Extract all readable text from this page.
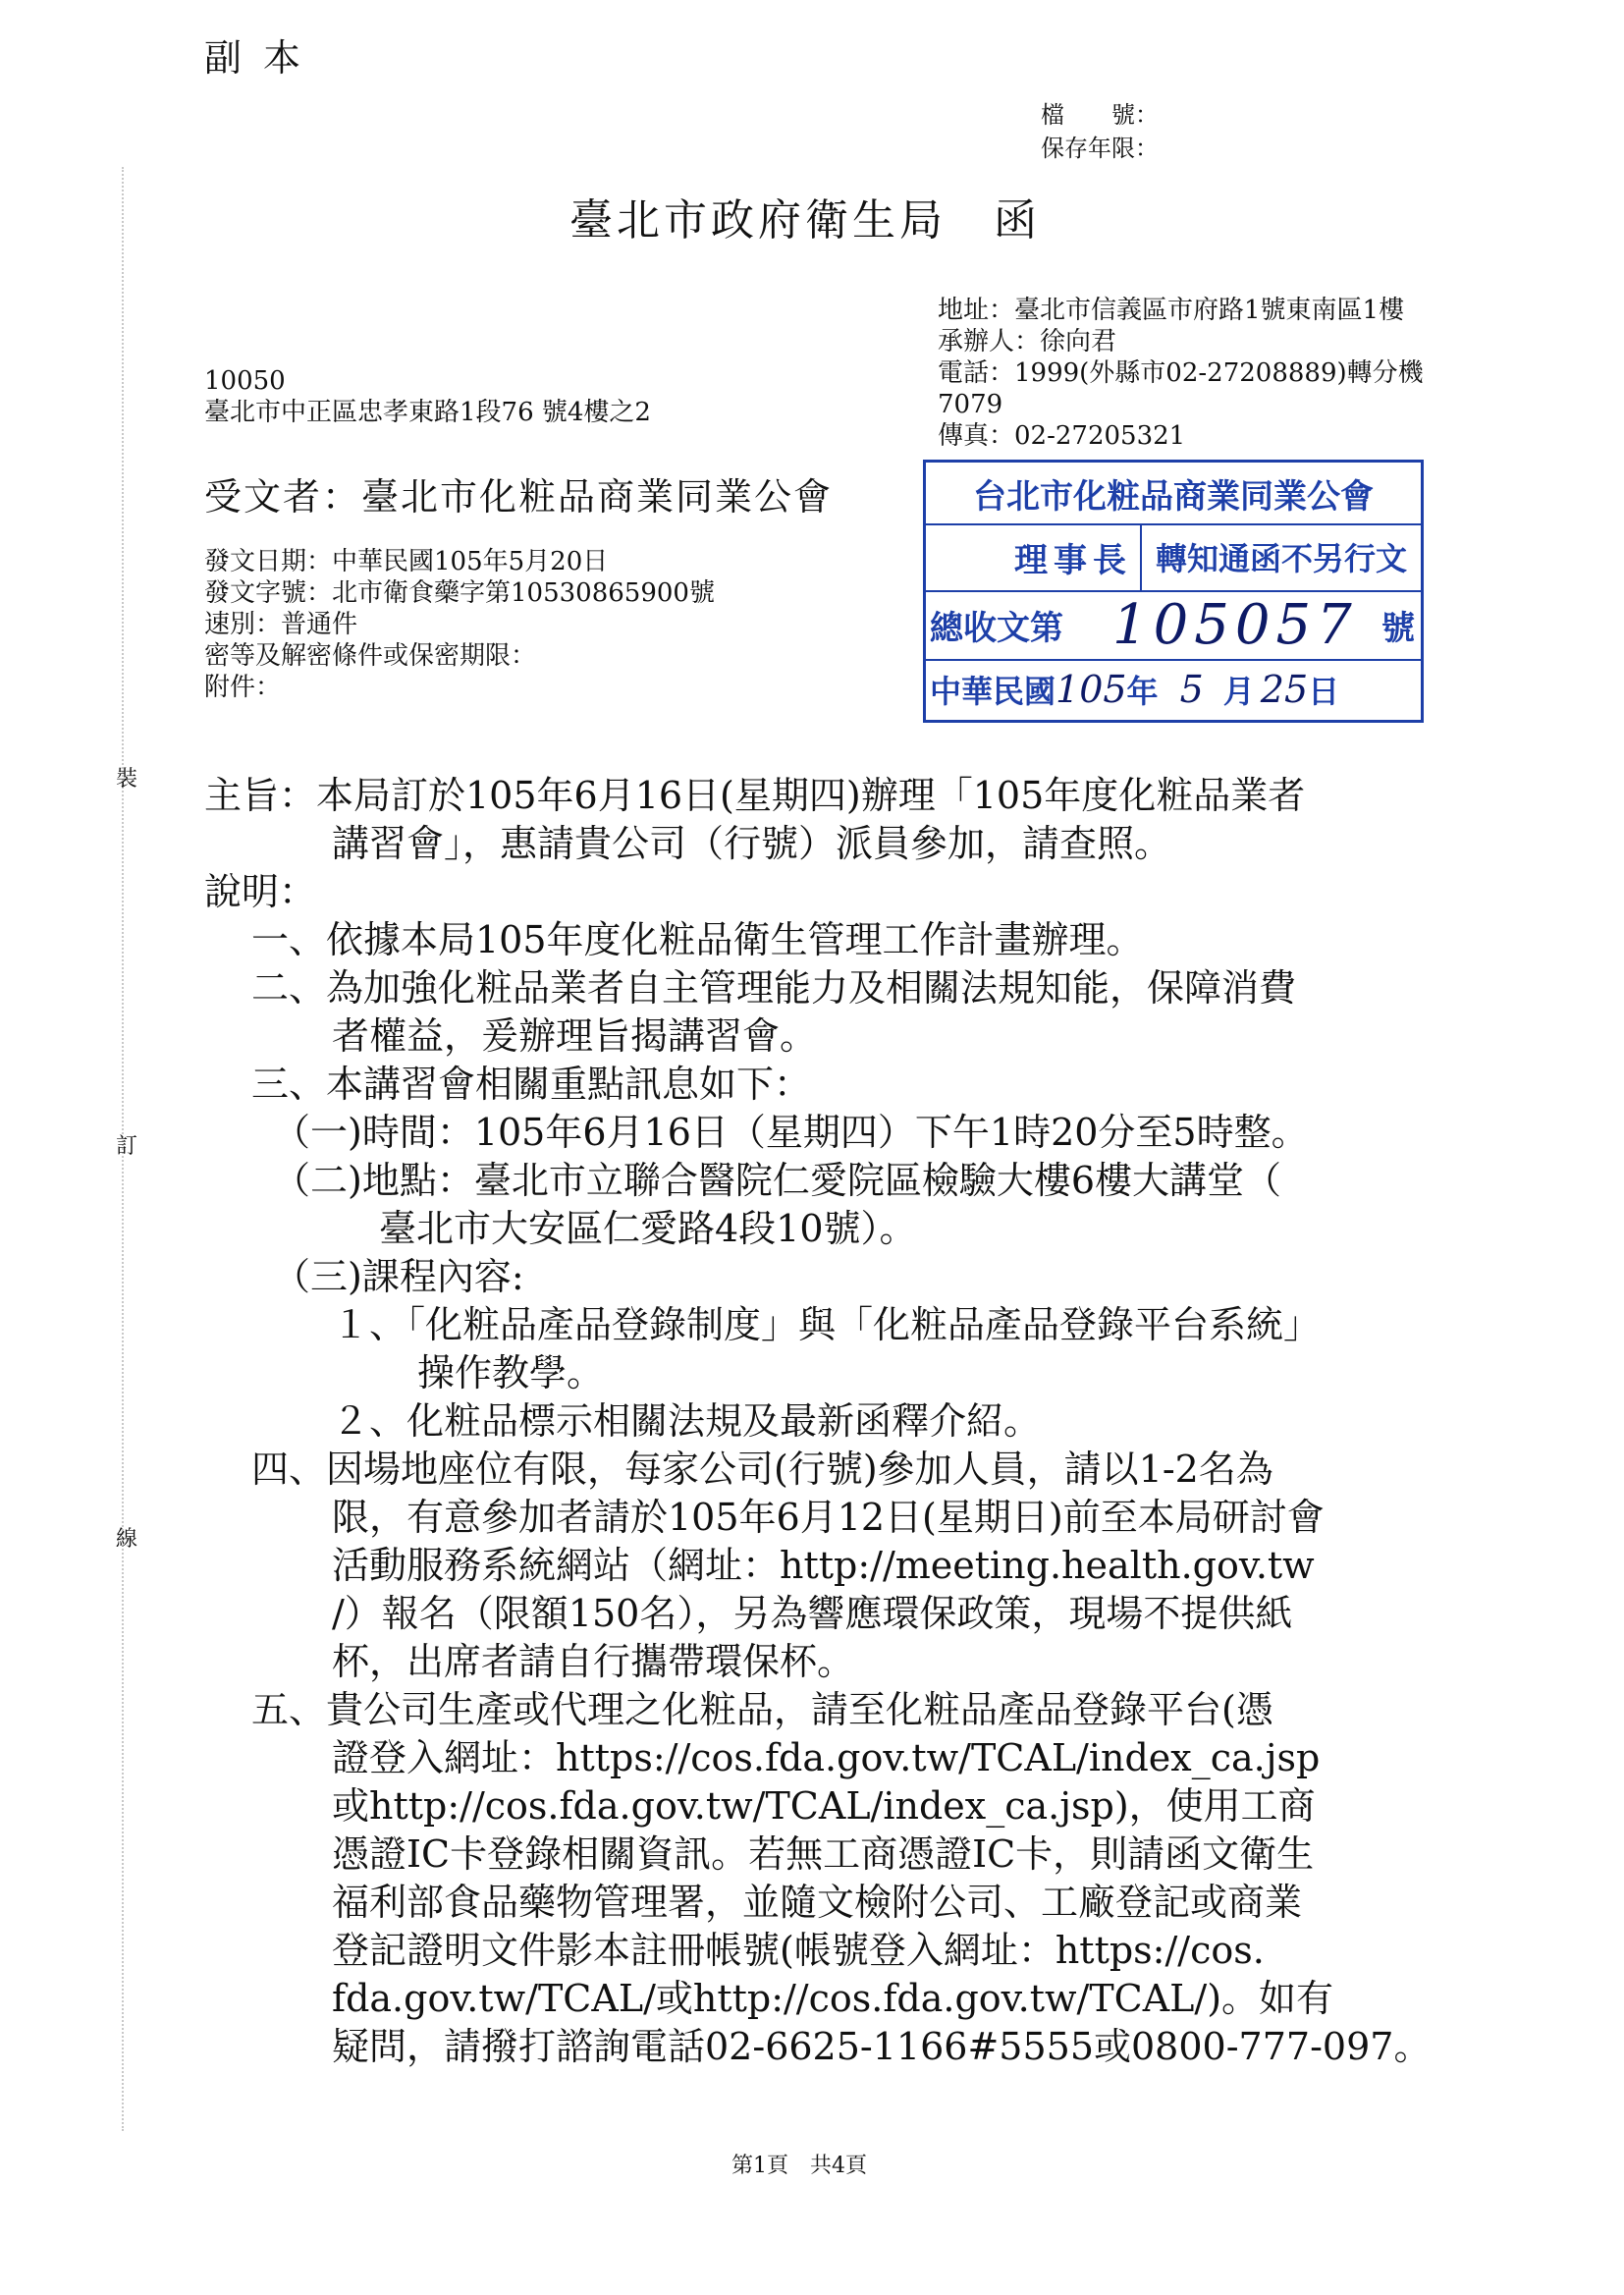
裝
訂
線
副本
檔　　號：
保存年限：
臺北市政府衛生局　函
地址：臺北市信義區市府路1號東南區1樓
承辦人：徐向君
電話：1999(外縣市02-27208889)轉分機
7079
傳真：02-27205321
10050
臺北市中正區忠孝東路1段76 號4樓之2
受文者：臺北市化粧品商業同業公會
發文日期：中華民國105年5月20日
發文字號：北市衛食藥字第10530865900號
速別：普通件
密等及解密條件或保密期限：
附件：
台北市化粧品商業同業公會
理事長 轉知通函不另行文
總收文第 105057 號
中華民國 105 年 5 月 25 日
主旨：本局訂於105年6月16日(星期四)辦理「105年度化粧品業者
講習會」，惠請貴公司（行號）派員參加，請查照。
說明：
一、依據本局105年度化粧品衛生管理工作計畫辦理。
二、為加強化粧品業者自主管理能力及相關法規知能，保障消費
者權益，爰辦理旨揭講習會。
三、本講習會相關重點訊息如下：
（一)時間：105年6月16日（星期四）下午1時20分至5時整。
（二)地點：臺北市立聯合醫院仁愛院區檢驗大樓6樓大講堂（
臺北市大安區仁愛路4段10號）。
（三)課程內容:
１、「化粧品產品登錄制度」與「化粧品產品登錄平台系統」
操作教學。
２、化粧品標示相關法規及最新函釋介紹。
四、因場地座位有限，每家公司(行號)參加人員，請以1-2名為
限，有意參加者請於105年6月12日(星期日)前至本局研討會
活動服務系統網站（網址：http://meeting.health.gov.tw
/）報名（限額150名），另為響應環保政策，現場不提供紙
杯，出席者請自行攜帶環保杯。
五、貴公司生產或代理之化粧品，請至化粧品產品登錄平台(憑
證登入網址：https://cos.fda.gov.tw/TCAL/index_ca.jsp
或http://cos.fda.gov.tw/TCAL/index_ca.jsp)，使用工商
憑證IC卡登錄相關資訊。若無工商憑證IC卡，則請函文衛生
福利部食品藥物管理署，並隨文檢附公司、工廠登記或商業
登記證明文件影本註冊帳號(帳號登入網址：https://cos.
fda.gov.tw/TCAL/或http://cos.fda.gov.tw/TCAL/)。如有
疑問，請撥打諮詢電話02-6625-1166#5555或0800-777-097。
第1頁　共4頁
